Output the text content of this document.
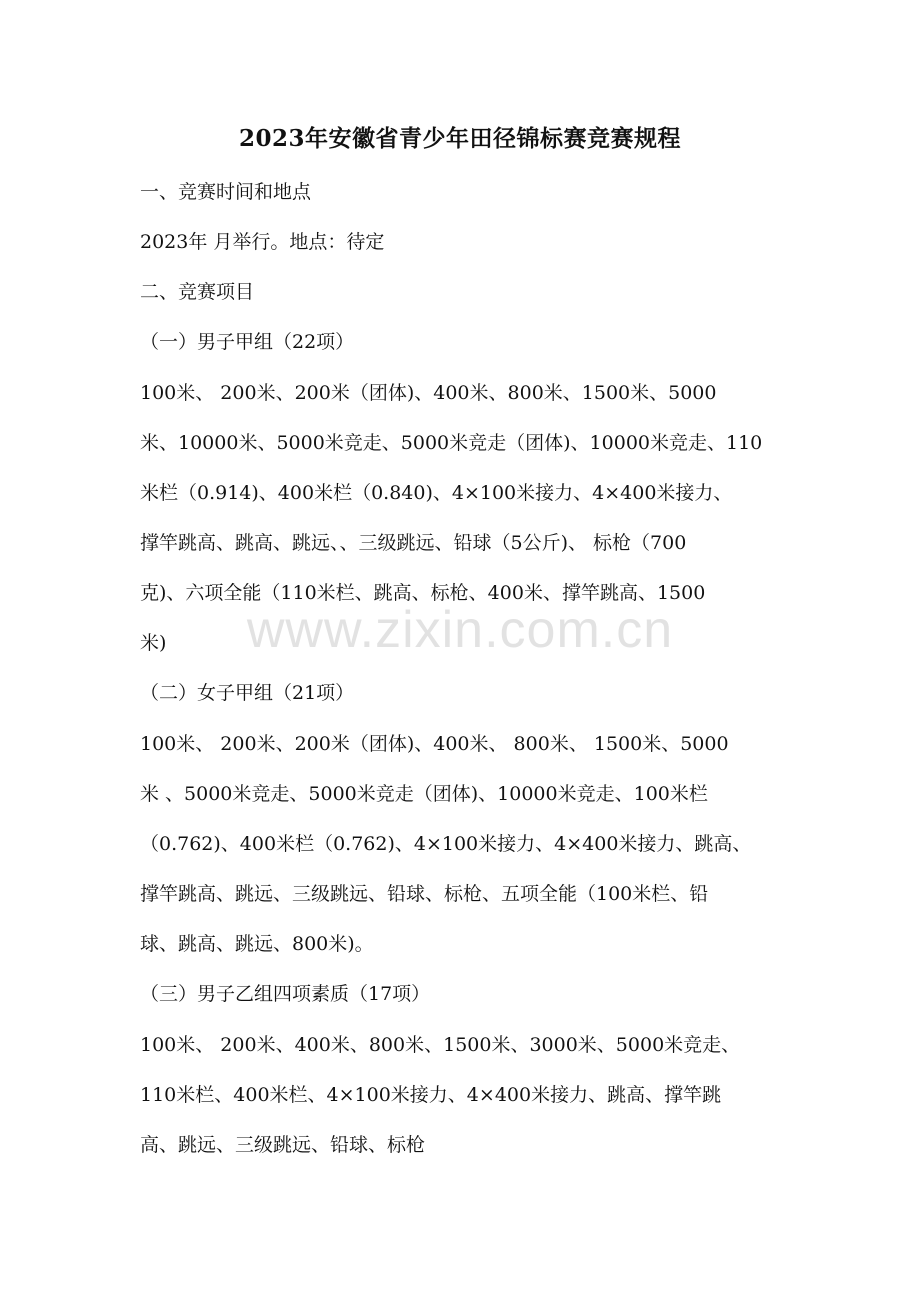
2023年安徽省青少年田径锦标赛竞赛规程
一、竞赛时间和地点
2023年 月举行。地点：待定
二、竞赛项目
（一）男子甲组（22项）
100米、 200米、200米（团体)、400米、800米、1500米、5000
米、10000米、5000米竞走、5000米竞走（团体)、10000米竞走、110
米栏（0.914)、400米栏（0.840)、4×100米接力、4×400米接力、
撑竿跳高、跳高、跳远、、三级跳远、铅球（5公斤)、 标枪（700
克)、六项全能（110米栏、跳高、标枪、400米、撑竿跳高、1500
米)
（二）女子甲组（21项）
100米、 200米、200米（团体)、400米、 800米、 1500米、5000
米 、5000米竞走、5000米竞走（团体)、10000米竞走、100米栏
（0.762)、400米栏（0.762)、4×100米接力、4×400米接力、跳高、
撑竿跳高、跳远、三级跳远、铅球、标枪、五项全能（100米栏、铅
球、跳高、跳远、800米)。
（三）男子乙组四项素质（17项）
100米、 200米、400米、800米、1500米、3000米、5000米竞走、
110米栏、400米栏、4×100米接力、4×400米接力、跳高、撑竿跳
高、跳远、三级跳远、铅球、标枪
www.zixin.com.cn
